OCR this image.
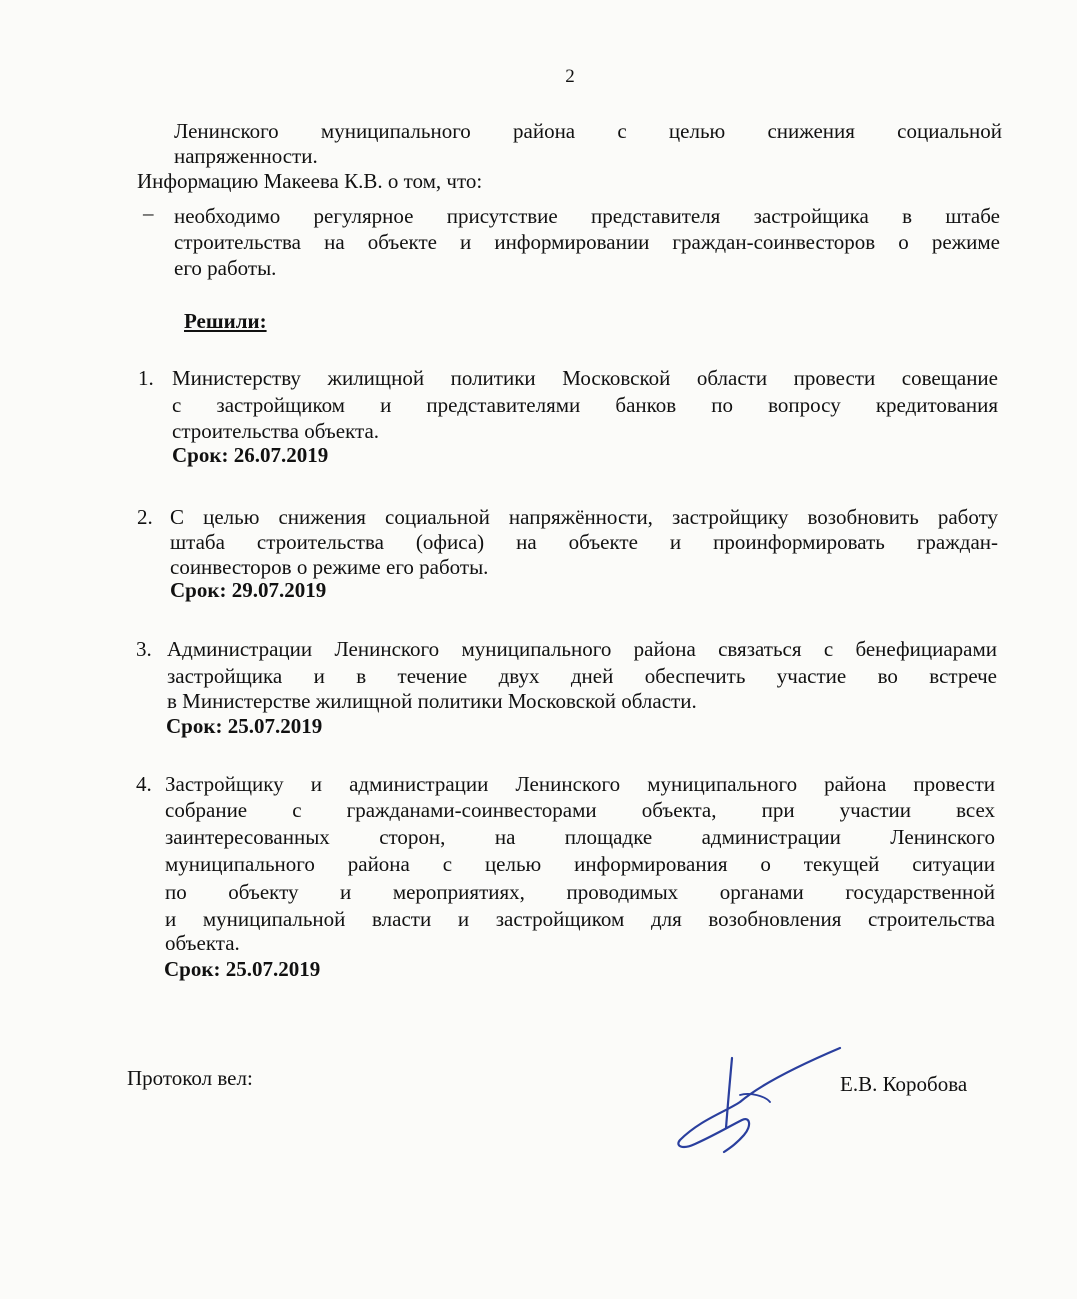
2
Ленинского муниципального района с целью снижения социальной
напряженности.
Информацию Макеева К.В. о том, что:
– необходимо регулярное присутствие представителя застройщика в штабе
строительства на объекте и информировании граждан-соинвесторов о режиме
его работы.
Решили:
1. Министерству жилищной политики Московской области провести совещание
с застройщиком и представителями банков по вопросу кредитования
строительства объекта.
Срок: 26.07.2019
2. С целью снижения социальной напряжённости, застройщику возобновить работу
штаба строительства (офиса) на объекте и проинформировать граждан-
соинвесторов о режиме его работы.
Срок: 29.07.2019
3. Администрации Ленинского муниципального района связаться с бенефициарами
застройщика и в течение двух дней обеспечить участие во встрече
в Министерстве жилищной политики Московской области.
Срок: 25.07.2019
4. Застройщику и администрации Ленинского муниципального района провести
собрание с гражданами-соинвесторами объекта, при участии всех
заинтересованных сторон, на площадке администрации Ленинского
муниципального района с целью информирования о текущей ситуации
по объекту и мероприятиях, проводимых органами государственной
и муниципальной власти и застройщиком для возобновления строительства
объекта.
Срок: 25.07.2019
Протокол вел:	Е.В. Коробова
